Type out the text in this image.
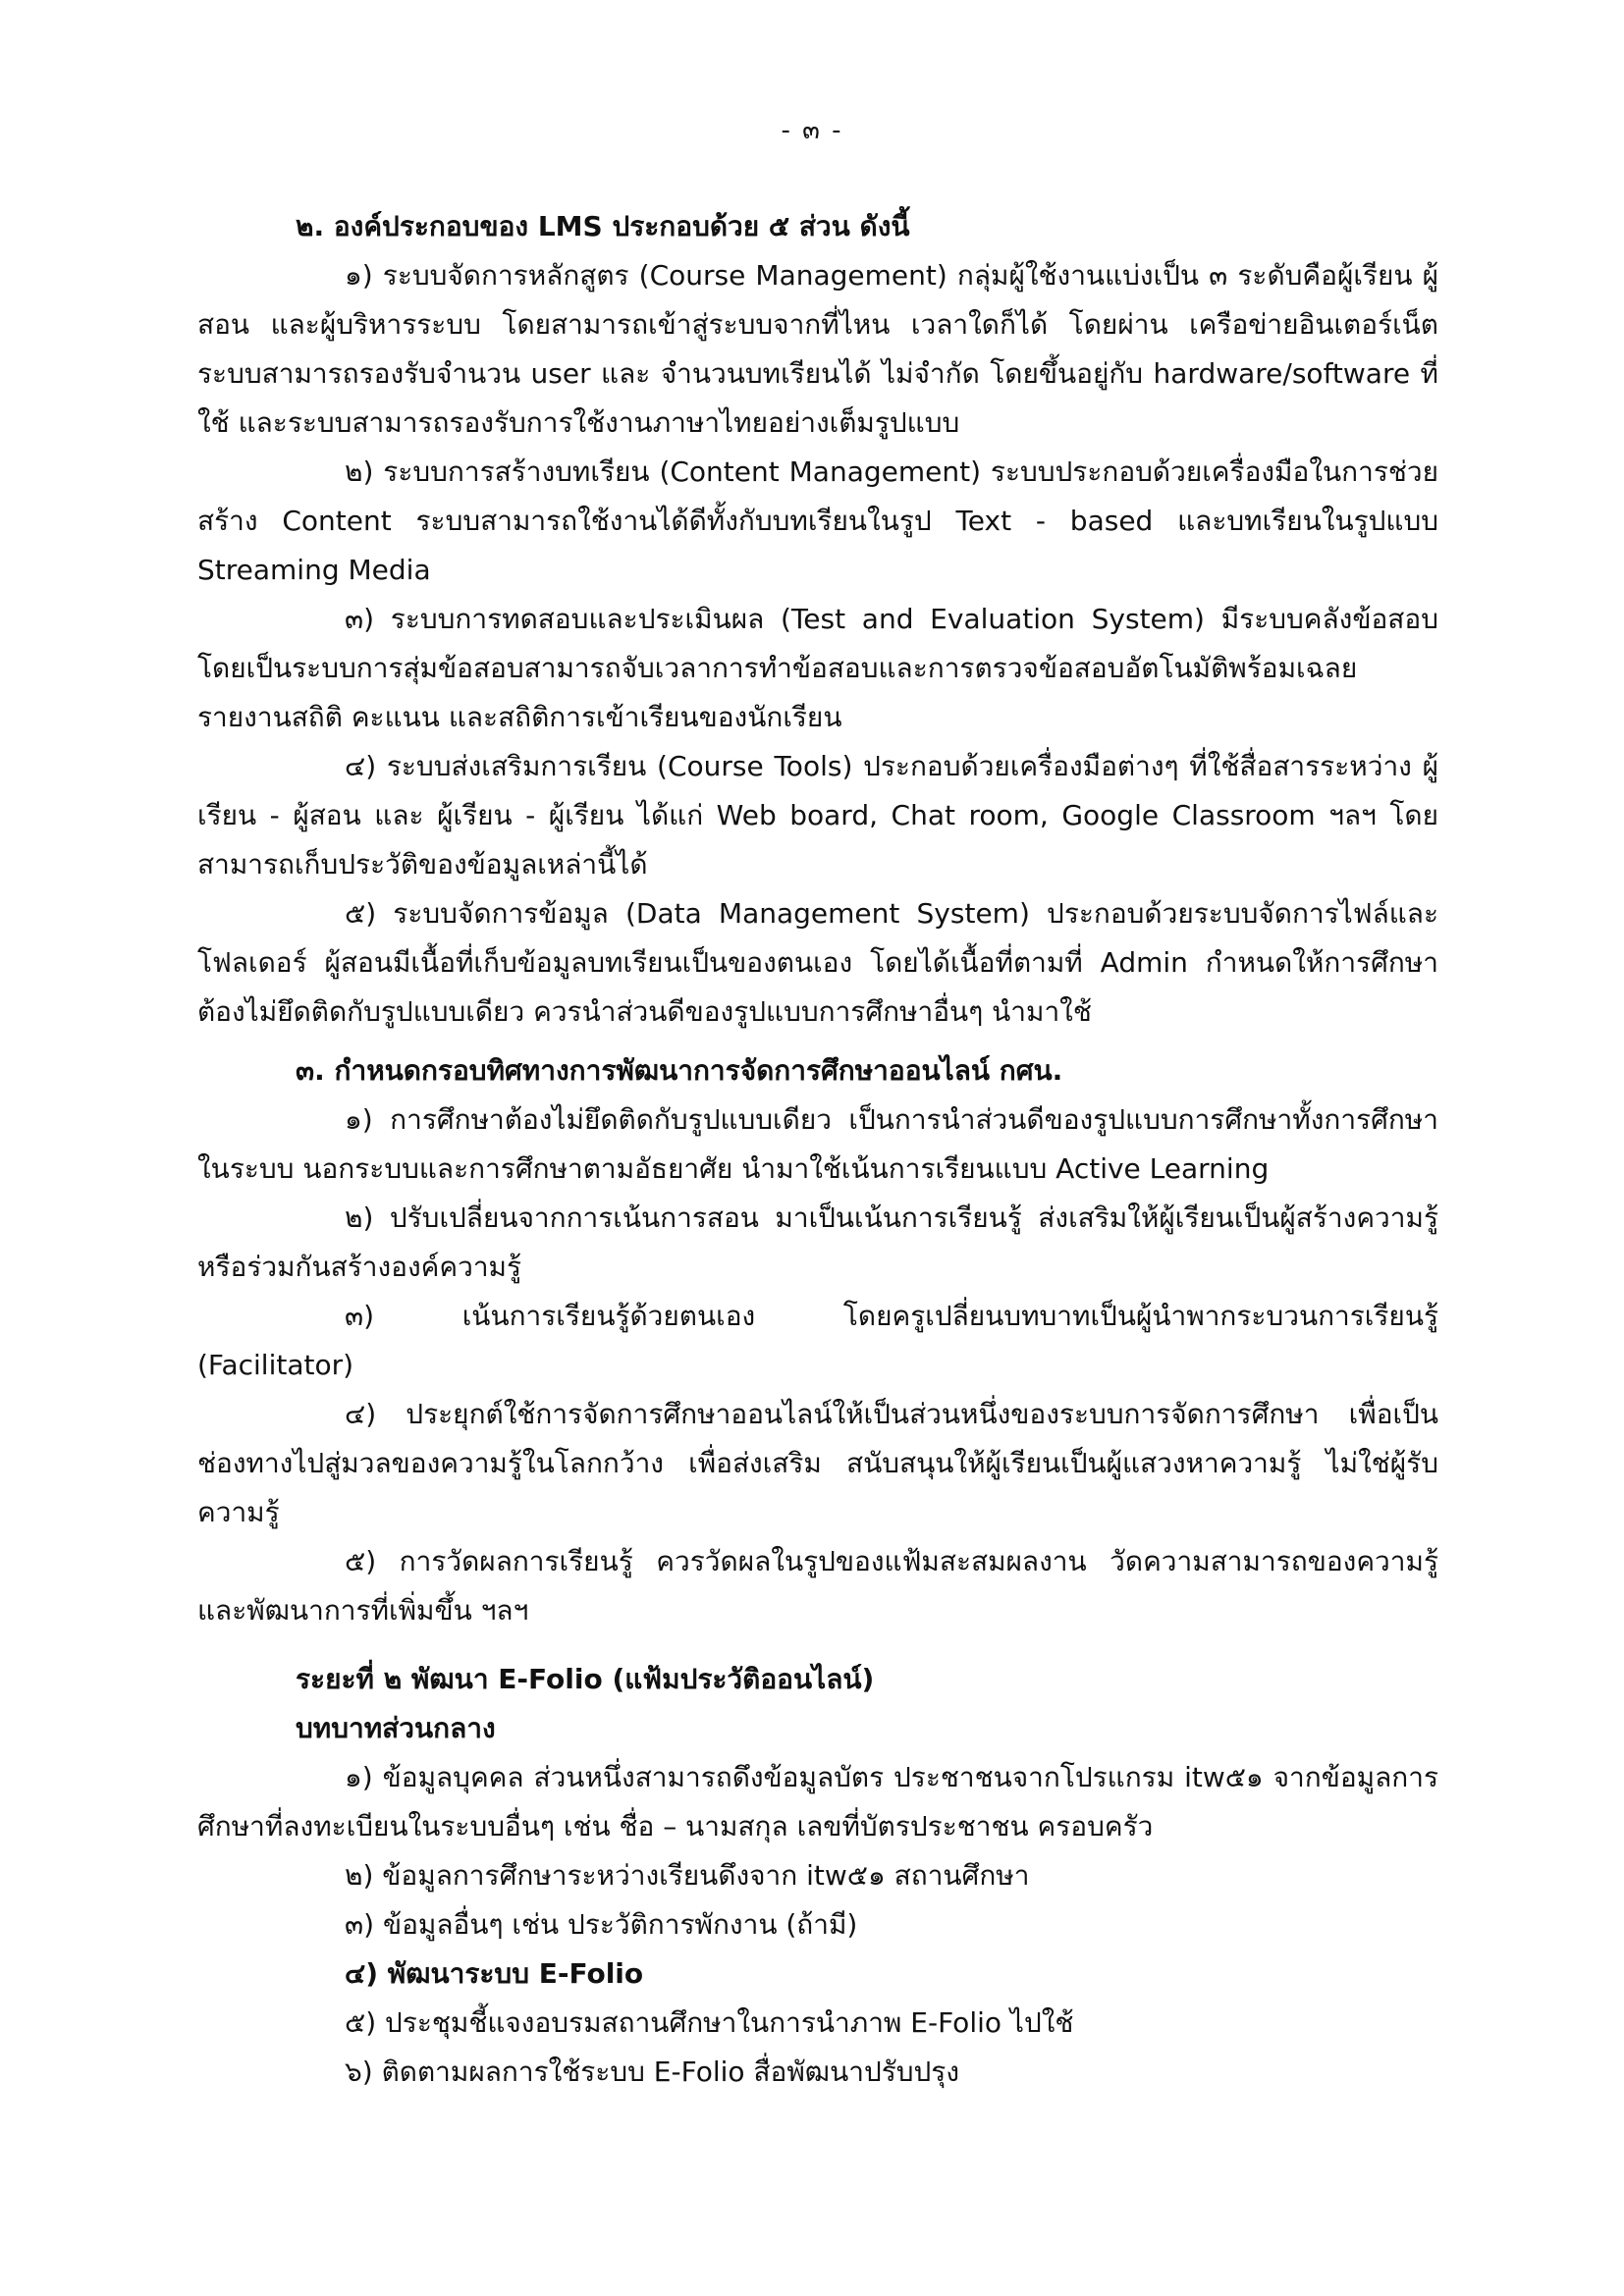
- ๓ -

๒. องค์ประกอบของ LMS ประกอบด้วย ๕ ส่วน ดังนี้

๑) ระบบจัดการหลักสูตร (Course Management) กลุ่มผู้ใช้งานแบ่งเป็น ๓ ระดับคือผู้เรียน ผู้สอน และผู้บริหารระบบ โดยสามารถเข้าสู่ระบบจากที่ไหน เวลาใดก็ได้ โดยผ่าน เครือข่ายอินเตอร์เน็ต ระบบสามารถรองรับจำนวน user และ จำนวนบทเรียนได้ ไม่จำกัด โดยขึ้นอยู่กับ hardware/software ที่ใช้ และระบบสามารถรองรับการใช้งานภาษาไทยอย่างเต็มรูปแบบ

๒) ระบบการสร้างบทเรียน (Content Management) ระบบประกอบด้วยเครื่องมือในการช่วยสร้าง Content ระบบสามารถใช้งานได้ดีทั้งกับบทเรียนในรูป Text - based และบทเรียนในรูปแบบ Streaming Media

๓) ระบบการทดสอบและประเมินผล (Test and Evaluation System) มีระบบคลังข้อสอบ โดยเป็นระบบการสุ่มข้อสอบสามารถจับเวลาการทำข้อสอบและการตรวจข้อสอบอัตโนมัติพร้อมเฉลย รายงานสถิติ คะแนน และสถิติการเข้าเรียนของนักเรียน

๔) ระบบส่งเสริมการเรียน (Course Tools) ประกอบด้วยเครื่องมือต่างๆ ที่ใช้สื่อสารระหว่าง ผู้เรียน - ผู้สอน และ ผู้เรียน - ผู้เรียน ได้แก่ Web board, Chat room, Google Classroom ฯลฯ โดยสามารถเก็บประวัติของข้อมูลเหล่านี้ได้

๕) ระบบจัดการข้อมูล (Data Management System) ประกอบด้วยระบบจัดการไฟล์และโฟลเดอร์ ผู้สอนมีเนื้อที่เก็บข้อมูลบทเรียนเป็นของตนเอง โดยได้เนื้อที่ตามที่ Admin กำหนดให้การศึกษาต้องไม่ยึดติดกับรูปแบบเดียว ควรนำส่วนดีของรูปแบบการศึกษาอื่นๆ นำมาใช้

๓. กำหนดกรอบทิศทางการพัฒนาการจัดการศึกษาออนไลน์ กศน.

๑) การศึกษาต้องไม่ยึดติดกับรูปแบบเดียว เป็นการนำส่วนดีของรูปแบบการศึกษาทั้งการศึกษาในระบบ นอกระบบและการศึกษาตามอัธยาศัย นำมาใช้เน้นการเรียนแบบ Active Learning

๒) ปรับเปลี่ยนจากการเน้นการสอน มาเป็นเน้นการเรียนรู้ ส่งเสริมให้ผู้เรียนเป็นผู้สร้างความรู้ หรือร่วมกันสร้างองค์ความรู้

๓) เน้นการเรียนรู้ด้วยตนเอง โดยครูเปลี่ยนบทบาทเป็นผู้นำพากระบวนการเรียนรู้ (Facilitator)

๔) ประยุกต์ใช้การจัดการศึกษาออนไลน์ให้เป็นส่วนหนึ่งของระบบการจัดการศึกษา เพื่อเป็นช่องทางไปสู่มวลของความรู้ในโลกกว้าง เพื่อส่งเสริม สนับสนุนให้ผู้เรียนเป็นผู้แสวงหาความรู้ ไม่ใช่ผู้รับความรู้

๕) การวัดผลการเรียนรู้ ควรวัดผลในรูปของแฟ้มสะสมผลงาน วัดความสามารถของความรู้และพัฒนาการที่เพิ่มขึ้น ฯลฯ

ระยะที่ ๒ พัฒนา E-Folio (แฟ้มประวัติออนไลน์)

บทบาทส่วนกลาง

๑) ข้อมูลบุคคล ส่วนหนึ่งสามารถดึงข้อมูลบัตร ประชาชนจากโปรแกรม itw๕๑ จากข้อมูลการศึกษาที่ลงทะเบียนในระบบอื่นๆ เช่น ชื่อ – นามสกุล เลขที่บัตรประชาชน ครอบครัว

๒) ข้อมูลการศึกษาระหว่างเรียนดึงจาก itw๕๑ สถานศึกษา

๓) ข้อมูลอื่นๆ เช่น ประวัติการพักงาน (ถ้ามี)

๔) พัฒนาระบบ E-Folio

๕) ประชุมชี้แจงอบรมสถานศึกษาในการนำภาพ E-Folio ไปใช้

๖) ติดตามผลการใช้ระบบ E-Folio สื่อพัฒนาปรับปรุง
